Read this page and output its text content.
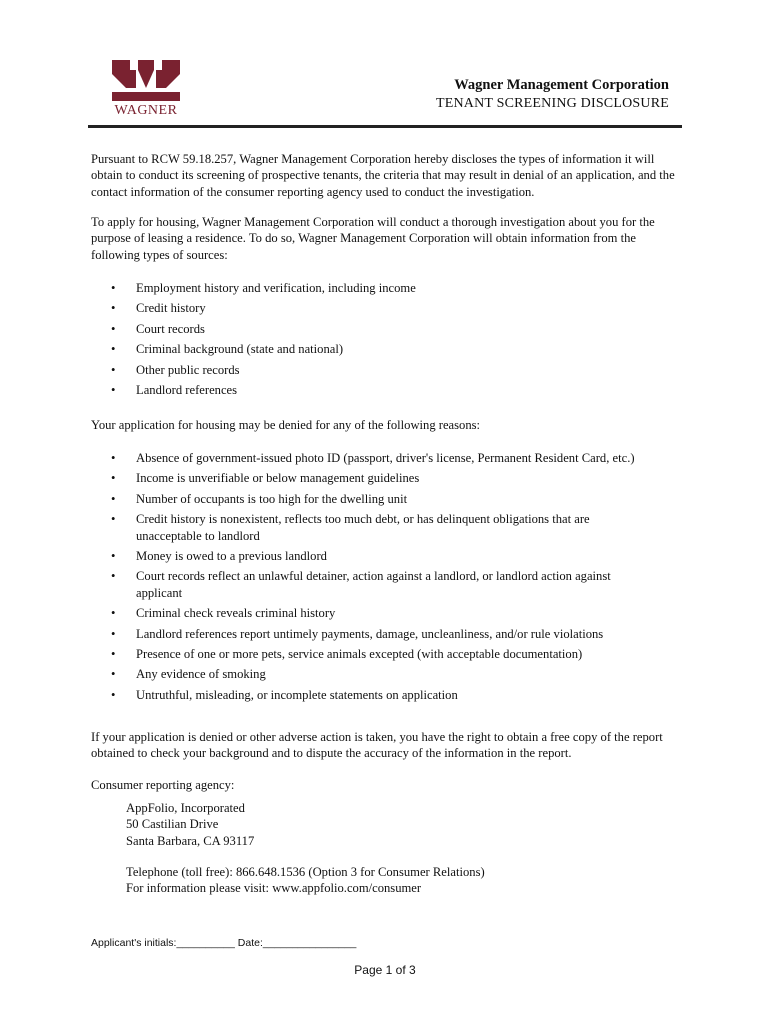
WAGNER
Wagner Management Corporation
TENANT SCREENING DISCLOSURE

Pursuant to RCW 59.18.257, Wagner Management Corporation hereby discloses the types of information it will obtain to conduct its screening of prospective tenants, the criteria that may result in denial of an application, and the contact information of the consumer reporting agency used to conduct the investigation.

To apply for housing, Wagner Management Corporation will conduct a thorough investigation about you for the purpose of leasing a residence. To do so, Wagner Management Corporation will obtain information from the following types of sources:

• Employment history and verification, including income
• Credit history
• Court records
• Criminal background (state and national)
• Other public records
• Landlord references

Your application for housing may be denied for any of the following reasons:

• Absence of government-issued photo ID (passport, driver's license, Permanent Resident Card, etc.)
• Income is unverifiable or below management guidelines
• Number of occupants is too high for the dwelling unit
• Credit history is nonexistent, reflects too much debt, or has delinquent obligations that are unacceptable to landlord
• Money is owed to a previous landlord
• Court records reflect an unlawful detainer, action against a landlord, or landlord action against applicant
• Criminal check reveals criminal history
• Landlord references report untimely payments, damage, uncleanliness, and/or rule violations
• Presence of one or more pets, service animals excepted (with acceptable documentation)
• Any evidence of smoking
• Untruthful, misleading, or incomplete statements on application

If your application is denied or other adverse action is taken, you have the right to obtain a free copy of the report obtained to check your background and to dispute the accuracy of the information in the report.

Consumer reporting agency:

AppFolio, Incorporated
50 Castilian Drive
Santa Barbara, CA 93117
Telephone (toll free): 866.648.1536 (Option 3 for Consumer Relations)
For information please visit: www.appfolio.com/consumer
Applicant's initials:__________ Date:________________
Page 1 of 3
